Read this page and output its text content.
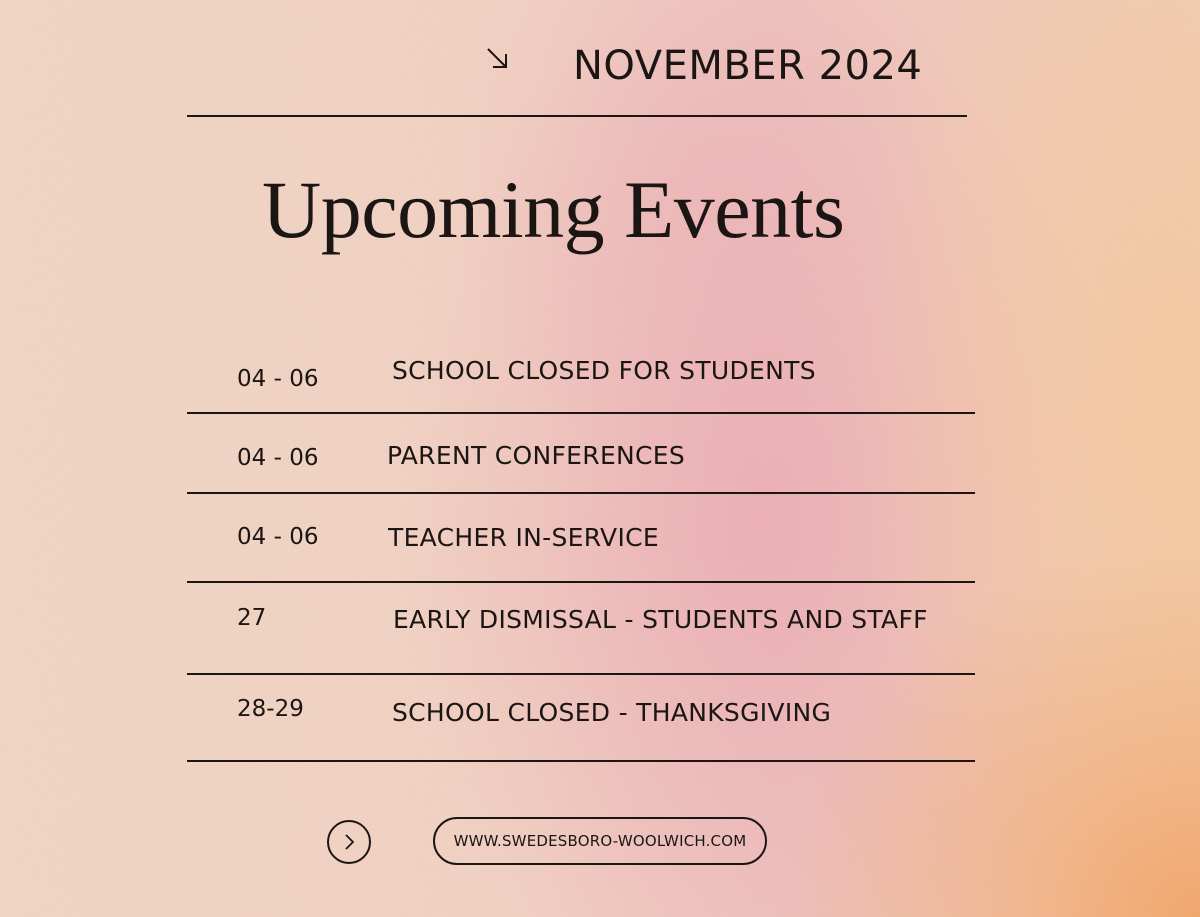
NOVEMBER 2024
Upcoming Events
04 - 06	SCHOOL CLOSED FOR STUDENTS
04 - 06	PARENT CONFERENCES
04 - 06	TEACHER IN-SERVICE
27	EARLY DISMISSAL - STUDENTS AND STAFF
28-29	SCHOOL CLOSED - THANKSGIVING
WWW.SWEDESBORO-WOOLWICH.COM
